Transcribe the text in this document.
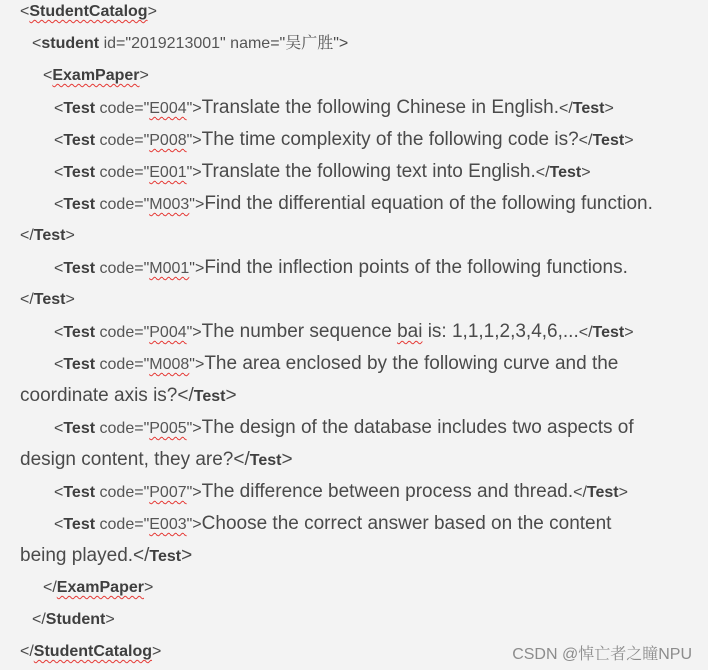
<StudentCatalog>
<student id="2019213001" name="吴广胜">
<ExamPaper>
<Test code="E004">Translate the following Chinese in English.</Test>
<Test code="P008">The time complexity of the following code is?</Test>
<Test code="E001">Translate the following text into English.</Test>
<Test code="M003">Find the differential equation of the following function.
</Test>
<Test code="M001">Find the inflection points of the following functions.
</Test>
<Test code="P004">The number sequence bai is: 1,1,1,2,3,4,6,...</Test>
<Test code="M008">The area enclosed by the following curve and the
coordinate axis is?</Test>
<Test code="P005">The design of the database includes two aspects of
design content, they are?</Test>
<Test code="P007">The difference between process and thread.</Test>
<Test code="E003">Choose the correct answer based on the content
being played.</Test>
</ExamPaper>
</Student>
</StudentCatalog>	CSDN @悼亡者之瞳NPU
